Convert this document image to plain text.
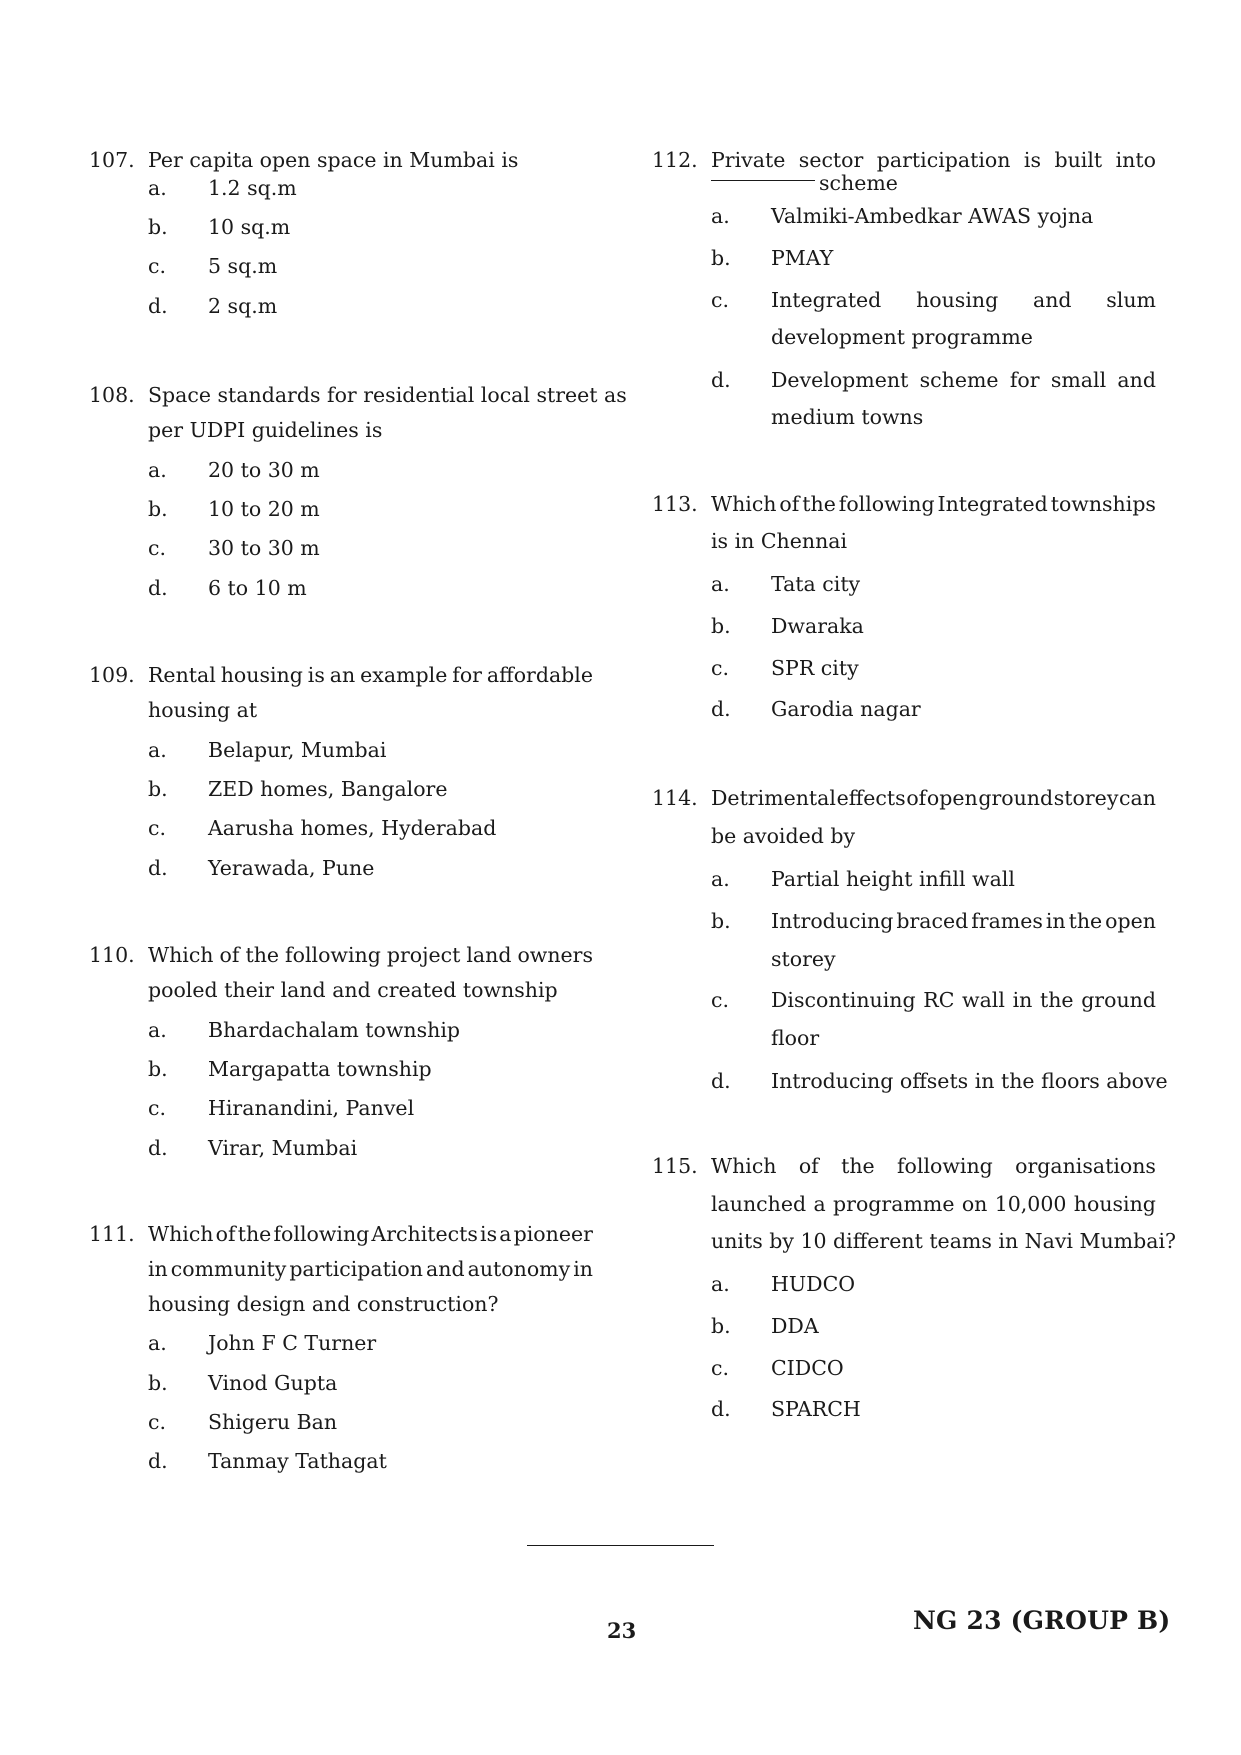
107. Per capita open space in Mumbai is
a. 1.2 sq.m
b. 10 sq.m
c. 5 sq.m
d. 2 sq.m
108. Space standards for residential local street as
per UDPI guidelines is
a. 20 to 30 m
b. 10 to 20 m
c. 30 to 30 m
d. 6 to 10 m
109. Rental housing is an example for affordable
housing at
a. Belapur, Mumbai
b. ZED homes, Bangalore
c. Aarusha homes, Hyderabad
d. Yerawada, Pune
110. Which of the following project land owners
pooled their land and created township
a. Bhardachalam township
b. Margapatta township
c. Hiranandini, Panvel
d. Virar, Mumbai
111. Which of the following Architects is a pioneer
in community participation and autonomy in
housing design and construction?
a. John F C Turner
b. Vinod Gupta
c. Shigeru Ban
d. Tanmay Tathagat
112. Private sector participation is built into
scheme
a. Valmiki-Ambedkar AWAS yojna
b. PMAY
c. Integrated housing and slum
development programme
d. Development scheme for small and
medium towns
113. Which of the following Integrated townships
is in Chennai
a. Tata city
b. Dwaraka
c. SPR city
d. Garodia nagar
114. Detrimental effects of open ground storey can
be avoided by
a. Partial height infill wall
b. Introducing braced frames in the open
storey
c. Discontinuing RC wall in the ground
floor
d. Introducing offsets in the floors above
115. Which of the following organisations
launched a programme on 10,000 housing
units by 10 different teams in Navi Mumbai?
a. HUDCO
b. DDA
c. CIDCO
d. SPARCH
23	NG 23 (GROUP B)
